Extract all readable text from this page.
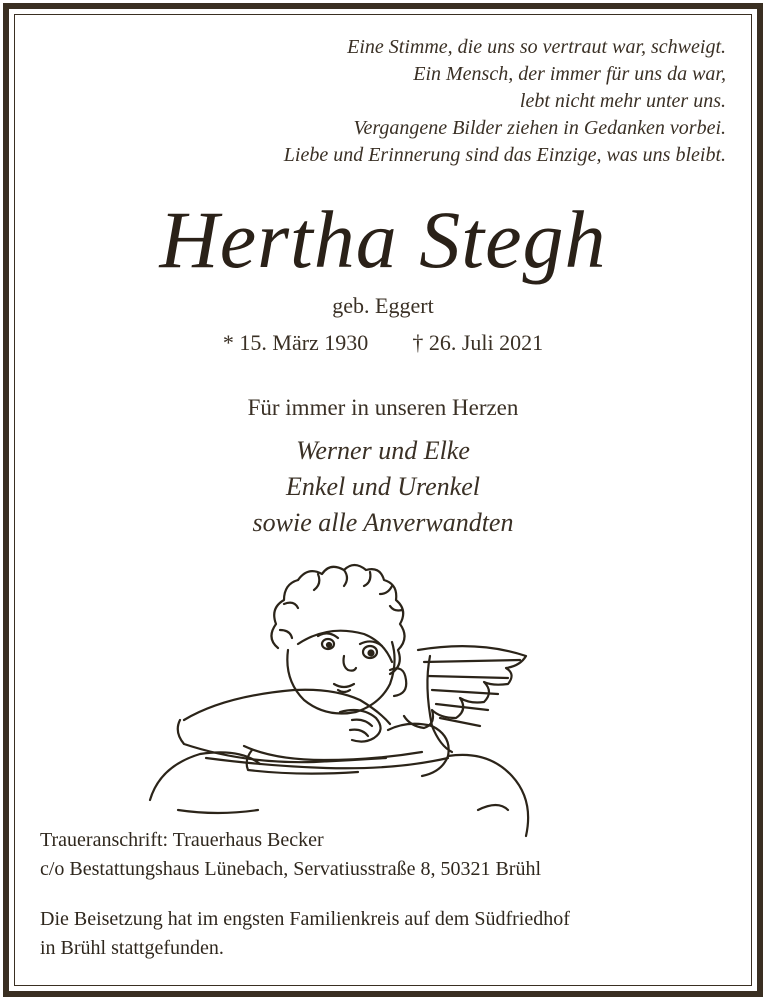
Eine Stimme, die uns so vertraut war, schweigt.
Ein Mensch, der immer für uns da war,
lebt nicht mehr unter uns.
Vergangene Bilder ziehen in Gedanken vorbei.
Liebe und Erinnerung sind das Einzige, was uns bleibt.
Hertha Stegh
geb. Eggert
* 15. März 1930 † 26. Juli 2021
Für immer in unseren Herzen
Werner und Elke
Enkel und Urenkel
sowie alle Anverwandten
Traueranschrift: Trauerhaus Becker
c/o Bestattungshaus Lünebach, Servatiusstraße 8, 50321 Brühl
Die Beisetzung hat im engsten Familienkreis auf dem Südfriedhof
in Brühl stattgefunden.
